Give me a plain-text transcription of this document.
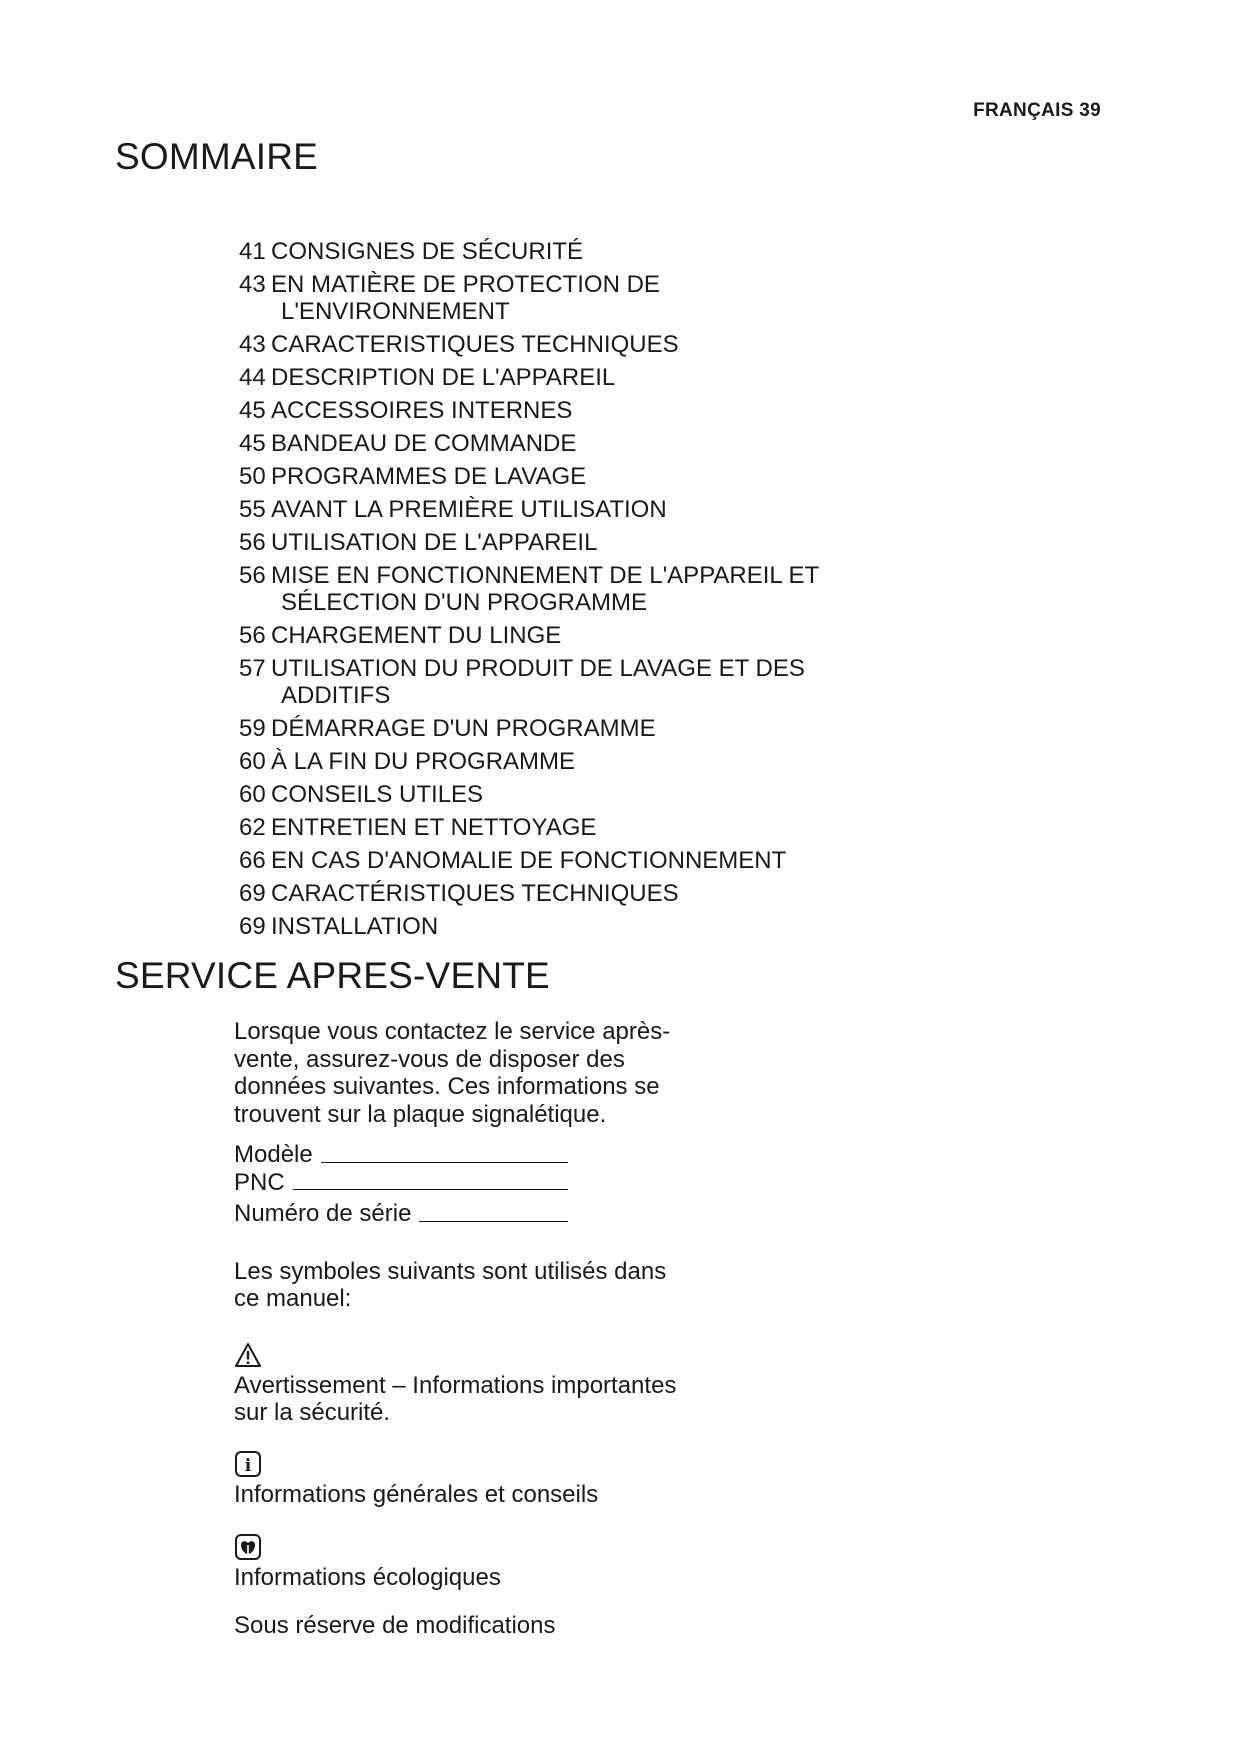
FRANÇAIS 39
SOMMAIRE
41 CONSIGNES DE SÉCURITÉ
43 EN MATIÈRE DE PROTECTION DE L'ENVIRONNEMENT
43 CARACTERISTIQUES TECHNIQUES
44 DESCRIPTION DE L'APPAREIL
45 ACCESSOIRES INTERNES
45 BANDEAU DE COMMANDE
50 PROGRAMMES DE LAVAGE
55 AVANT LA PREMIÈRE UTILISATION
56 UTILISATION DE L'APPAREIL
56 MISE EN FONCTIONNEMENT DE L'APPAREIL ET SÉLECTION D'UN PROGRAMME
56 CHARGEMENT DU LINGE
57 UTILISATION DU PRODUIT DE LAVAGE ET DES ADDITIFS
59 DÉMARRAGE D'UN PROGRAMME
60 À LA FIN DU PROGRAMME
60 CONSEILS UTILES
62 ENTRETIEN ET NETTOYAGE
66 EN CAS D'ANOMALIE DE FONCTIONNEMENT
69 CARACTÉRISTIQUES TECHNIQUES
69 INSTALLATION
SERVICE APRES-VENTE

Lorsque vous contactez le service après-vente, assurez-vous de disposer des données suivantes. Ces informations se trouvent sur la plaque signalétique.

Modèle
PNC
Numéro de série

Les symboles suivants sont utilisés dans ce manuel:

Avertissement – Informations importantes sur la sécurité.

i

Informations générales et conseils

Informations écologiques

Sous réserve de modifications
